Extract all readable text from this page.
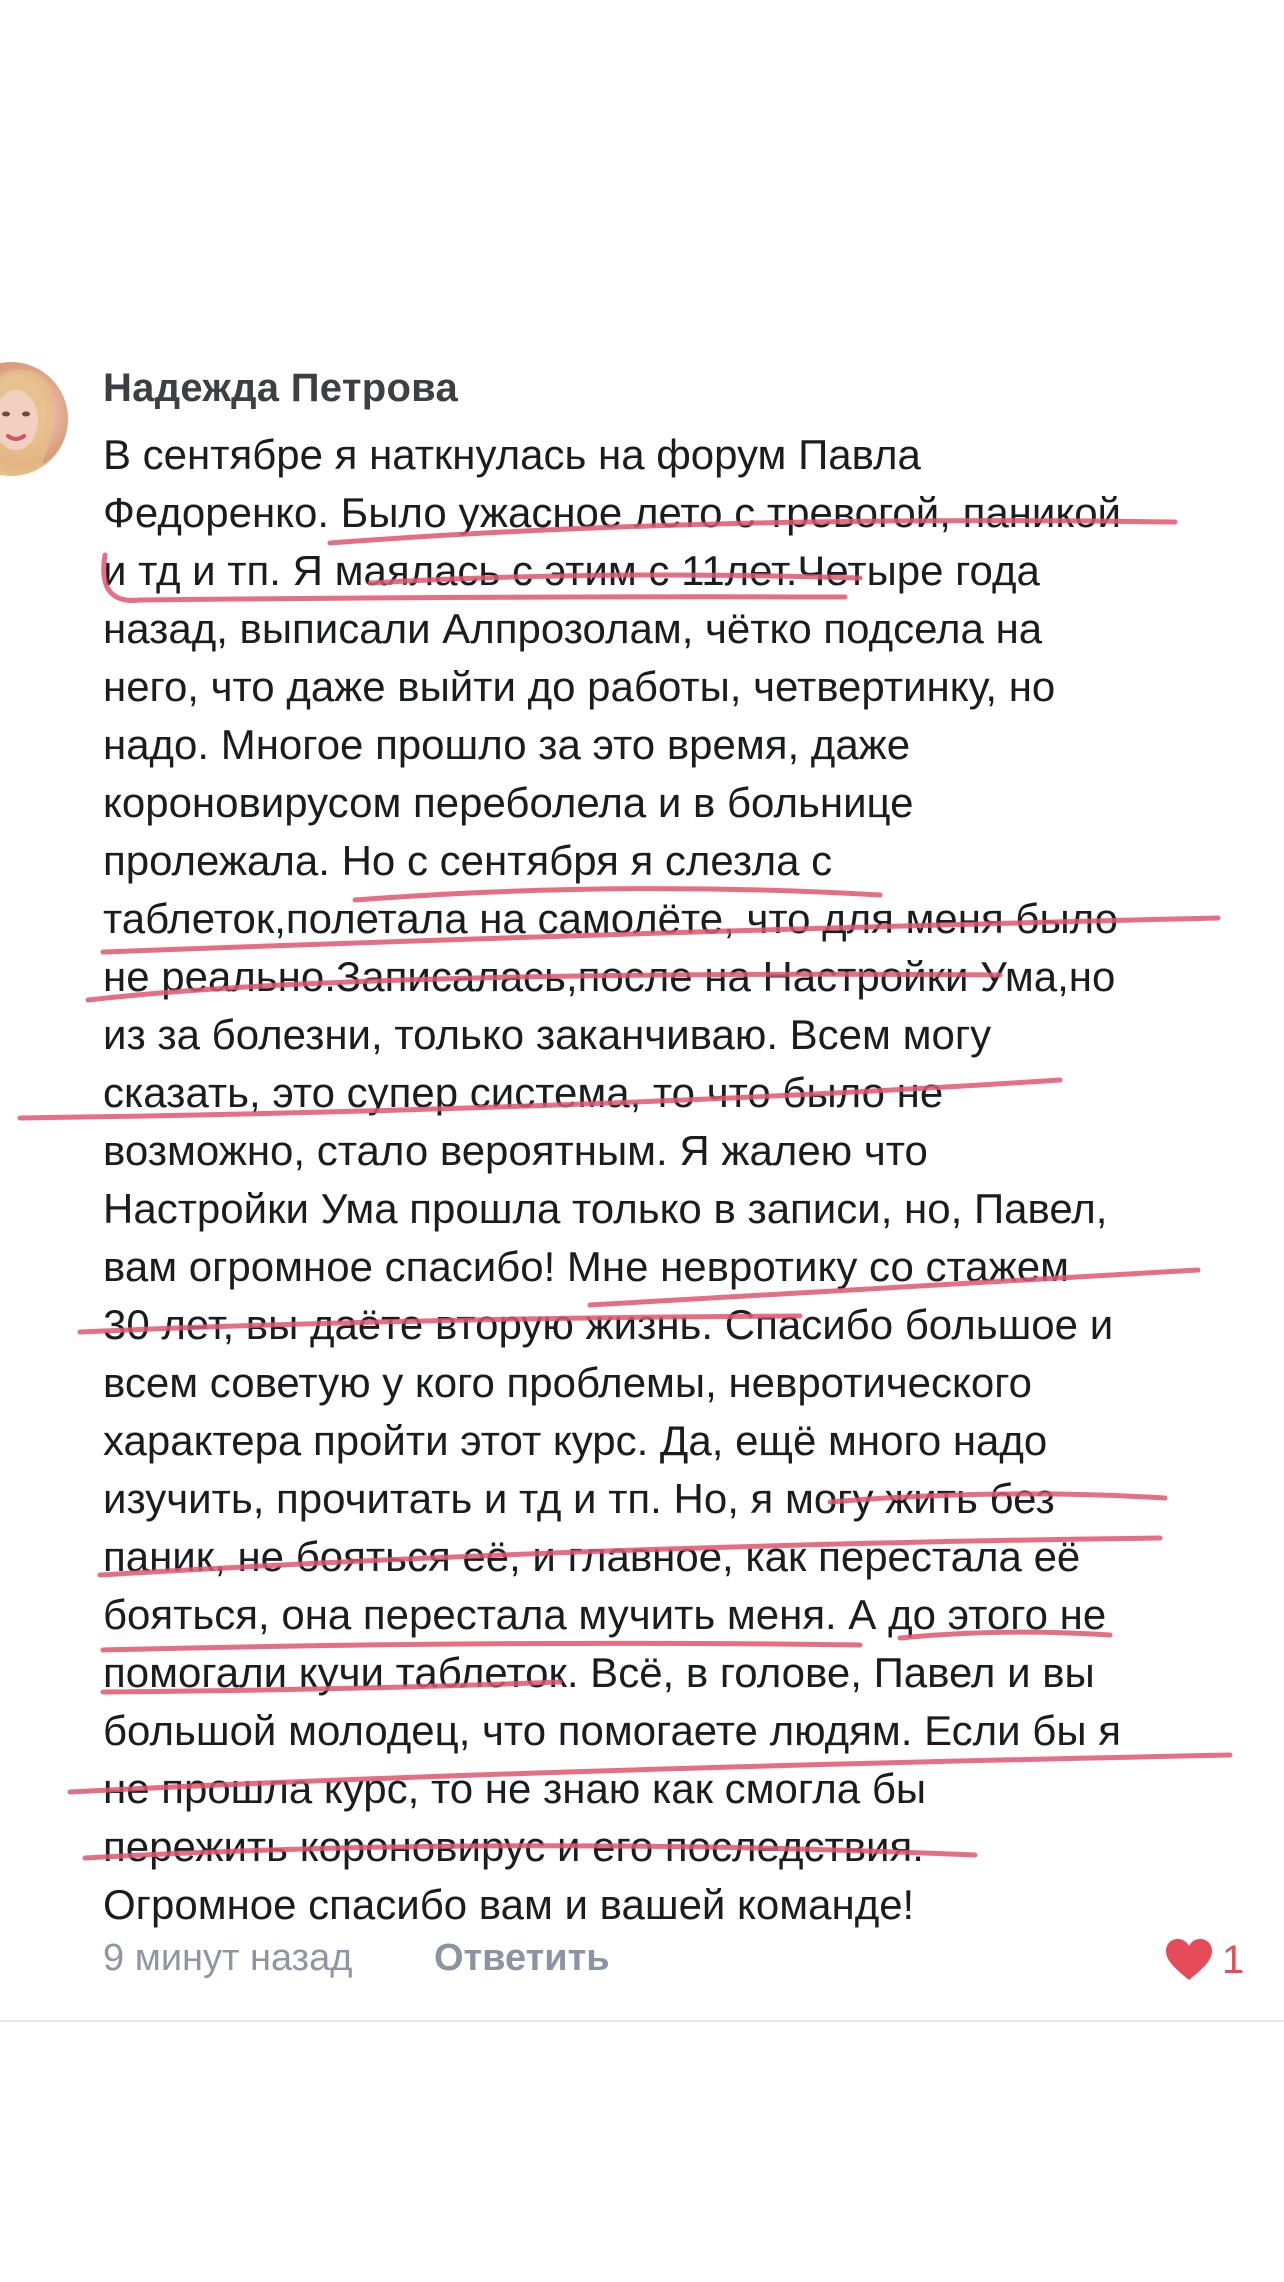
Надежда Петрова
В сентябре я наткнулась на форум Павла
Федоренко. Было ужасное лето с тревогой, паникой
и тд и тп. Я маялась с этим с 11лет.Четыре года
назад, выписали Алпрозолам, чётко подсела на
него, что даже выйти до работы, четвертинку, но
надо. Многое прошло за это время, даже
короновирусом переболела и в больнице
пролежала. Но с сентября я слезла с
таблеток,полетала на самолёте, что для меня было
не реально.Записалась,после на Настройки Ума,но
из за болезни, только заканчиваю. Всем могу
сказать, это супер система, то что было не
возможно, стало вероятным. Я жалею что
Настройки Ума прошла только в записи, но, Павел,
вам огромное спасибо! Мне невротику со стажем
30 лет, вы даёте вторую жизнь. Спасибо большое и
всем советую у кого проблемы, невротического
характера пройти этот курс. Да, ещё много надо
изучить, прочитать и тд и тп. Но, я могу жить без
паник, не бояться её, и главное, как перестала её
бояться, она перестала мучить меня. А до этого не
помогали кучи таблеток. Всё, в голове, Павел и вы
большой молодец, что помогаете людям. Если бы я
не прошла курс, то не знаю как смогла бы
пережить короновирус и его последствия.
Огромное спасибо вам и вашей команде!
9 минут назад Ответить	1
